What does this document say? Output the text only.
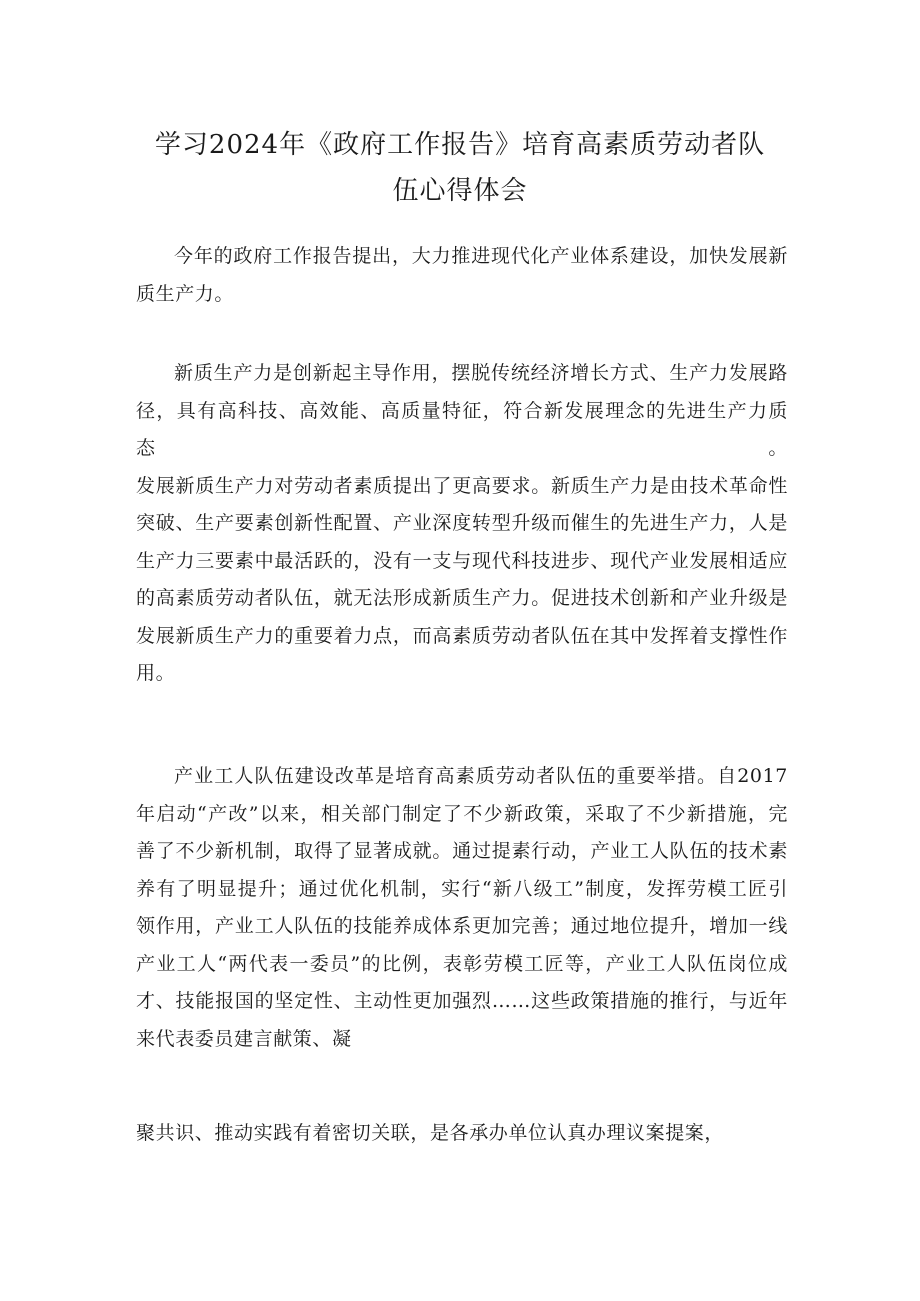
学习2024年《政府工作报告》培育高素质劳动者队
伍心得体会
今年的政府工作报告提出，大力推进现代化产业体系建设，加快发展新
质生产力。
新质生产力是创新起主导作用，摆脱传统经济增长方式、生产力发展路
径，具有高科技、高效能、高质量特征，符合新发展理念的先进生产力质态。
发展新质生产力对劳动者素质提出了更高要求。新质生产力是由技术革命性
突破、生产要素创新性配置、产业深度转型升级而催生的先进生产力，人是
生产力三要素中最活跃的，没有一支与现代科技进步、现代产业发展相适应
的高素质劳动者队伍，就无法形成新质生产力。促进技术创新和产业升级是
发展新质生产力的重要着力点，而高素质劳动者队伍在其中发挥着支撑性作
用。
产业工人队伍建设改革是培育高素质劳动者队伍的重要举措。自2017
年启动“产改”以来，相关部门制定了不少新政策，采取了不少新措施，完
善了不少新机制，取得了显著成就。通过提素行动，产业工人队伍的技术素
养有了明显提升；通过优化机制，实行“新八级工”制度，发挥劳模工匠引
领作用，产业工人队伍的技能养成体系更加完善；通过地位提升，增加一线
产业工人“两代表一委员”的比例，表彰劳模工匠等，产业工人队伍岗位成
才、技能报国的坚定性、主动性更加强烈……这些政策措施的推行，与近年
来代表委员建言献策、凝
聚共识、推动实践有着密切关联，是各承办单位认真办理议案提案，
